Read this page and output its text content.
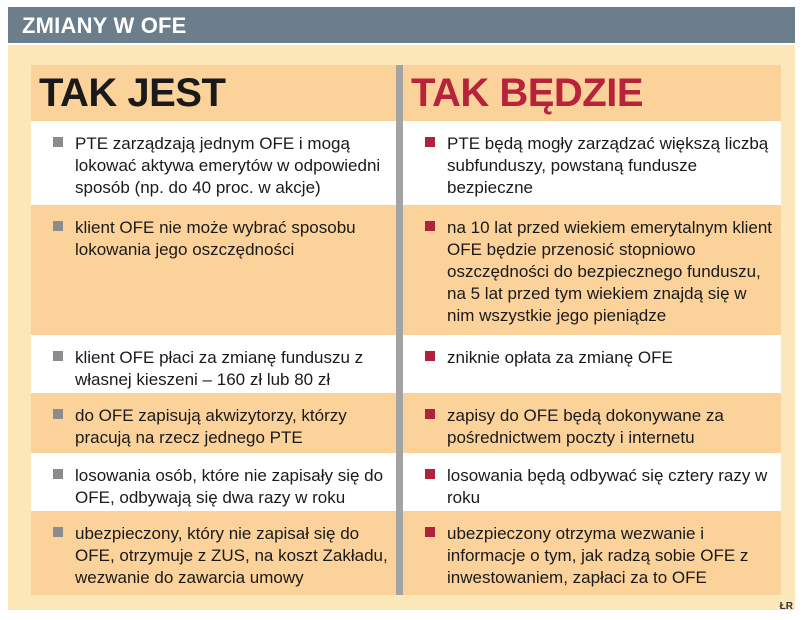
ZMIANY W OFE
TAK JEST	TAK BĘDZIE
PTE zarządzają jednym OFE i mogą lokować aktywa emerytów w odpowiedni sposób (np. do 40 proc. w akcje)
PTE będą mogły zarządzać większą liczbą subfunduszy, powstaną fundusze bezpieczne
klient OFE nie może wybrać sposobu lokowania jego oszczędności
na 10 lat przed wiekiem emerytalnym klient OFE będzie przenosić stopniowo oszczędności do bezpiecznego funduszu, na 5 lat przed tym wiekiem znajdą się w nim wszystkie jego pieniądze
klient OFE płaci za zmianę funduszu z własnej kieszeni – 160 zł lub 80 zł
zniknie opłata za zmianę OFE
do OFE zapisują akwizytorzy, którzy pracują na rzecz jednego PTE
zapisy do OFE będą dokonywane za pośrednictwem poczty i internetu
losowania osób, które nie zapisały się do OFE, odbywają się dwa razy w roku
losowania będą odbywać się cztery razy w roku
ubezpieczony, który nie zapisał się do OFE, otrzymuje z ZUS, na koszt Zakładu, wezwanie do zawarcia umowy
ubezpieczony otrzyma wezwanie i informacje o tym, jak radzą sobie OFE z inwestowaniem, zapłaci za to OFE
ŁR
